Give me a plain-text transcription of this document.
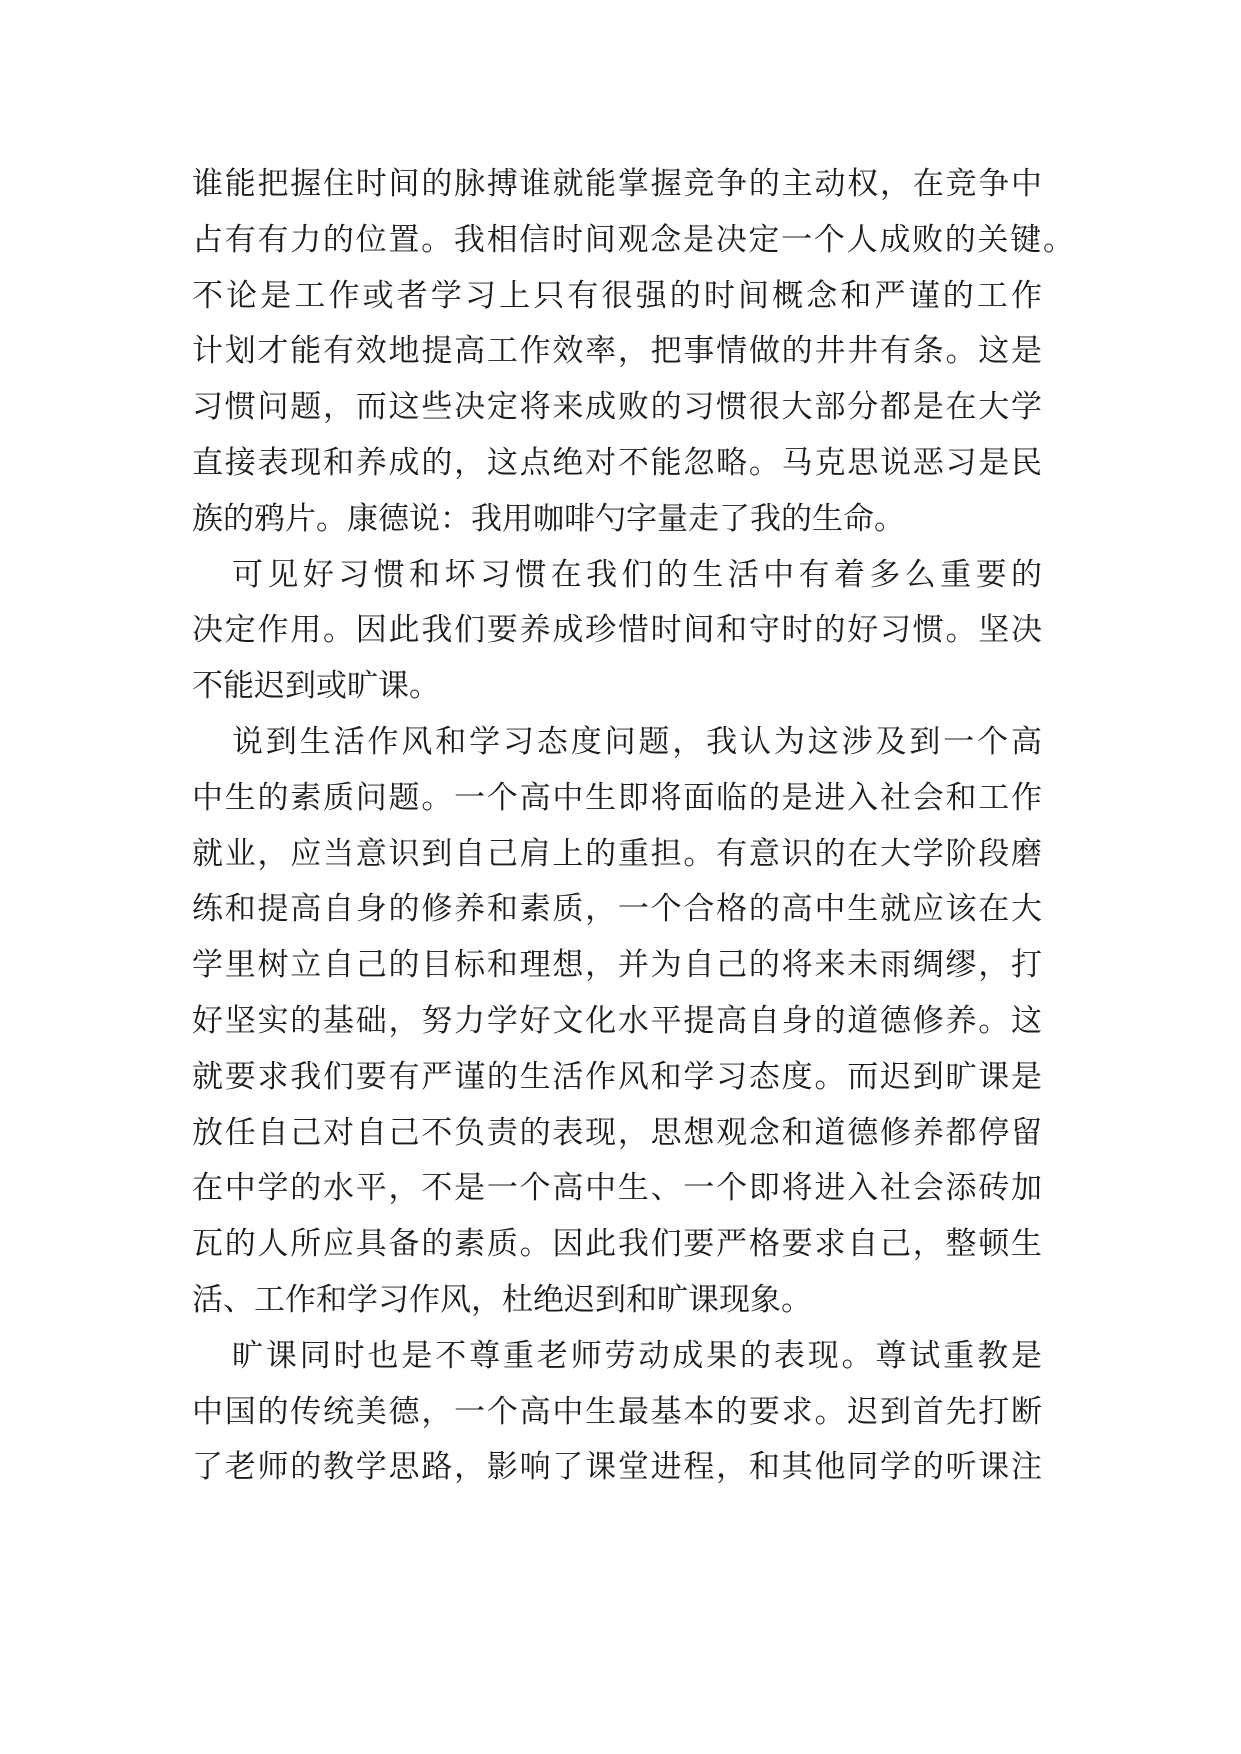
谁能把握住时间的脉搏谁就能掌握竞争的主动权，在竞争中
占有有力的位置。我相信时间观念是决定一个人成败的关键。
不论是工作或者学习上只有很强的时间概念和严谨的工作
计划才能有效地提高工作效率，把事情做的井井有条。这是
习惯问题，而这些决定将来成败的习惯很大部分都是在大学
直接表现和养成的，这点绝对不能忽略。马克思说恶习是民
族的鸦片。康德说：我用咖啡勺字量走了我的生命。
可见好习惯和坏习惯在我们的生活中有着多么重要的
决定作用。因此我们要养成珍惜时间和守时的好习惯。坚决
不能迟到或旷课。
说到生活作风和学习态度问题，我认为这涉及到一个高
中生的素质问题。一个高中生即将面临的是进入社会和工作
就业，应当意识到自己肩上的重担。有意识的在大学阶段磨
练和提高自身的修养和素质，一个合格的高中生就应该在大
学里树立自己的目标和理想，并为自己的将来未雨绸缪，打
好坚实的基础，努力学好文化水平提高自身的道德修养。这
就要求我们要有严谨的生活作风和学习态度。而迟到旷课是
放任自己对自己不负责的表现，思想观念和道德修养都停留
在中学的水平，不是一个高中生、一个即将进入社会添砖加
瓦的人所应具备的素质。因此我们要严格要求自己，整顿生
活、工作和学习作风，杜绝迟到和旷课现象。
旷课同时也是不尊重老师劳动成果的表现。尊试重教是
中国的传统美德，一个高中生最基本的要求。迟到首先打断
了老师的教学思路，影响了课堂进程，和其他同学的听课注
